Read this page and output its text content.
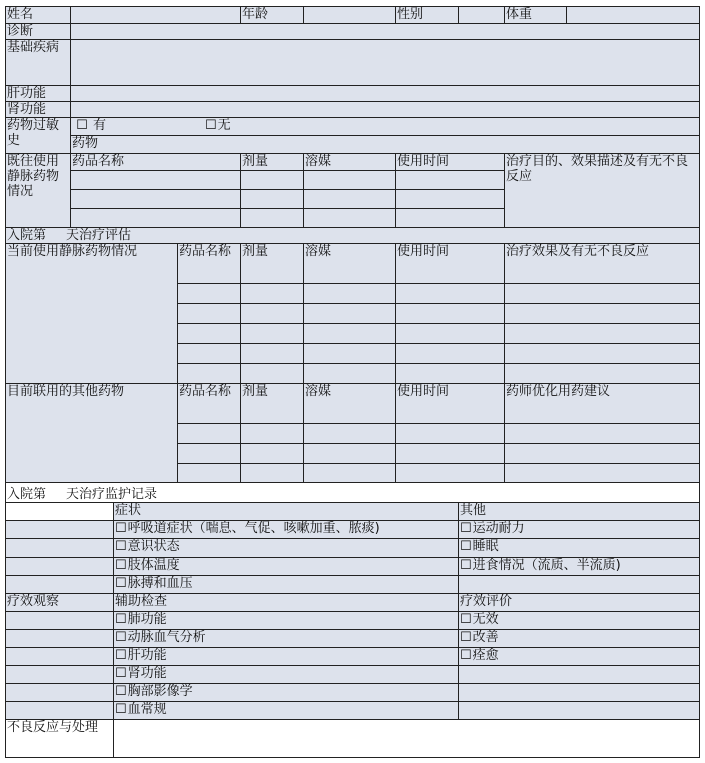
姓名				年龄		性别		体重	
诊断									
基础疾病									
肝功能									
肾功能									
药物过敏史	☐ 有 ☐ 无
	药物								
既往使用静脉药物情况	药品名称			剂量	溶媒	使用时间		治疗目的、效果描述及有无不良反应	

入院第 天治疗评估									
当前使用静脉药物情况			药品名称	剂量	溶媒	使用时间		治疗效果及有无不良反应	

目前联用的其他药物			药品名称	剂量	溶媒	使用时间		药师优化用药建议	

入院第 天治疗监护记录									
		症状					其他		
	☐ 呼吸道症状（喘息、气促、咳嗽加重、脓痰)	☐运动耐力
	☐ 意识状态	☐睡眠
	☐ 肢体温度	☐进食情况（流质、半流质)
	☐ 脉搏和血压	
疗效观察		辅助检查					疗效评价		
	☐ 肺功能	☐无效
	☐ 动脉血气分析	☐改善
	☐ 肝功能	☐痊愈
	☐ 肾功能	
	☐ 胸部影像学	
	☐ 血常规	
不良反应与处理									
